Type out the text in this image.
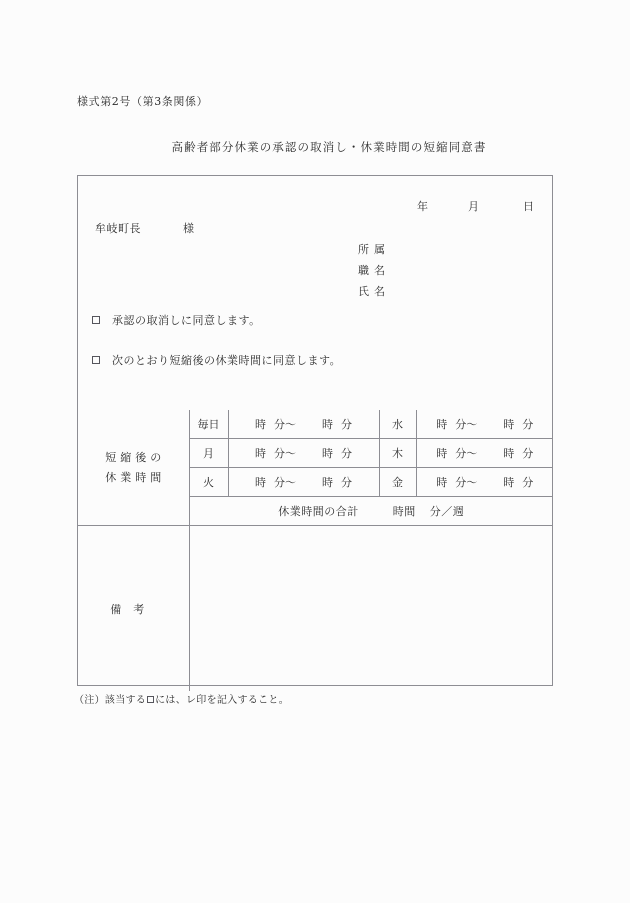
様式第2号（第3条関係）
高齢者部分休業の承認の取消し・休業時間の短縮同意書
年	月	日
牟岐町長	様
所属
職名
氏名
承認の取消しに同意します。
次のとおり短縮後の休業時間に同意します。
短縮後の
休業時間	毎日	時 分〜 時 分	水	時 分〜 時 分
	月	時 分〜 時 分	木	時 分〜 時 分
	火	時 分〜 時 分	金	時 分〜 時 分
	休業時間の合計 時間 分／週			
備考				
（注）該当する には、レ印を記入すること。
